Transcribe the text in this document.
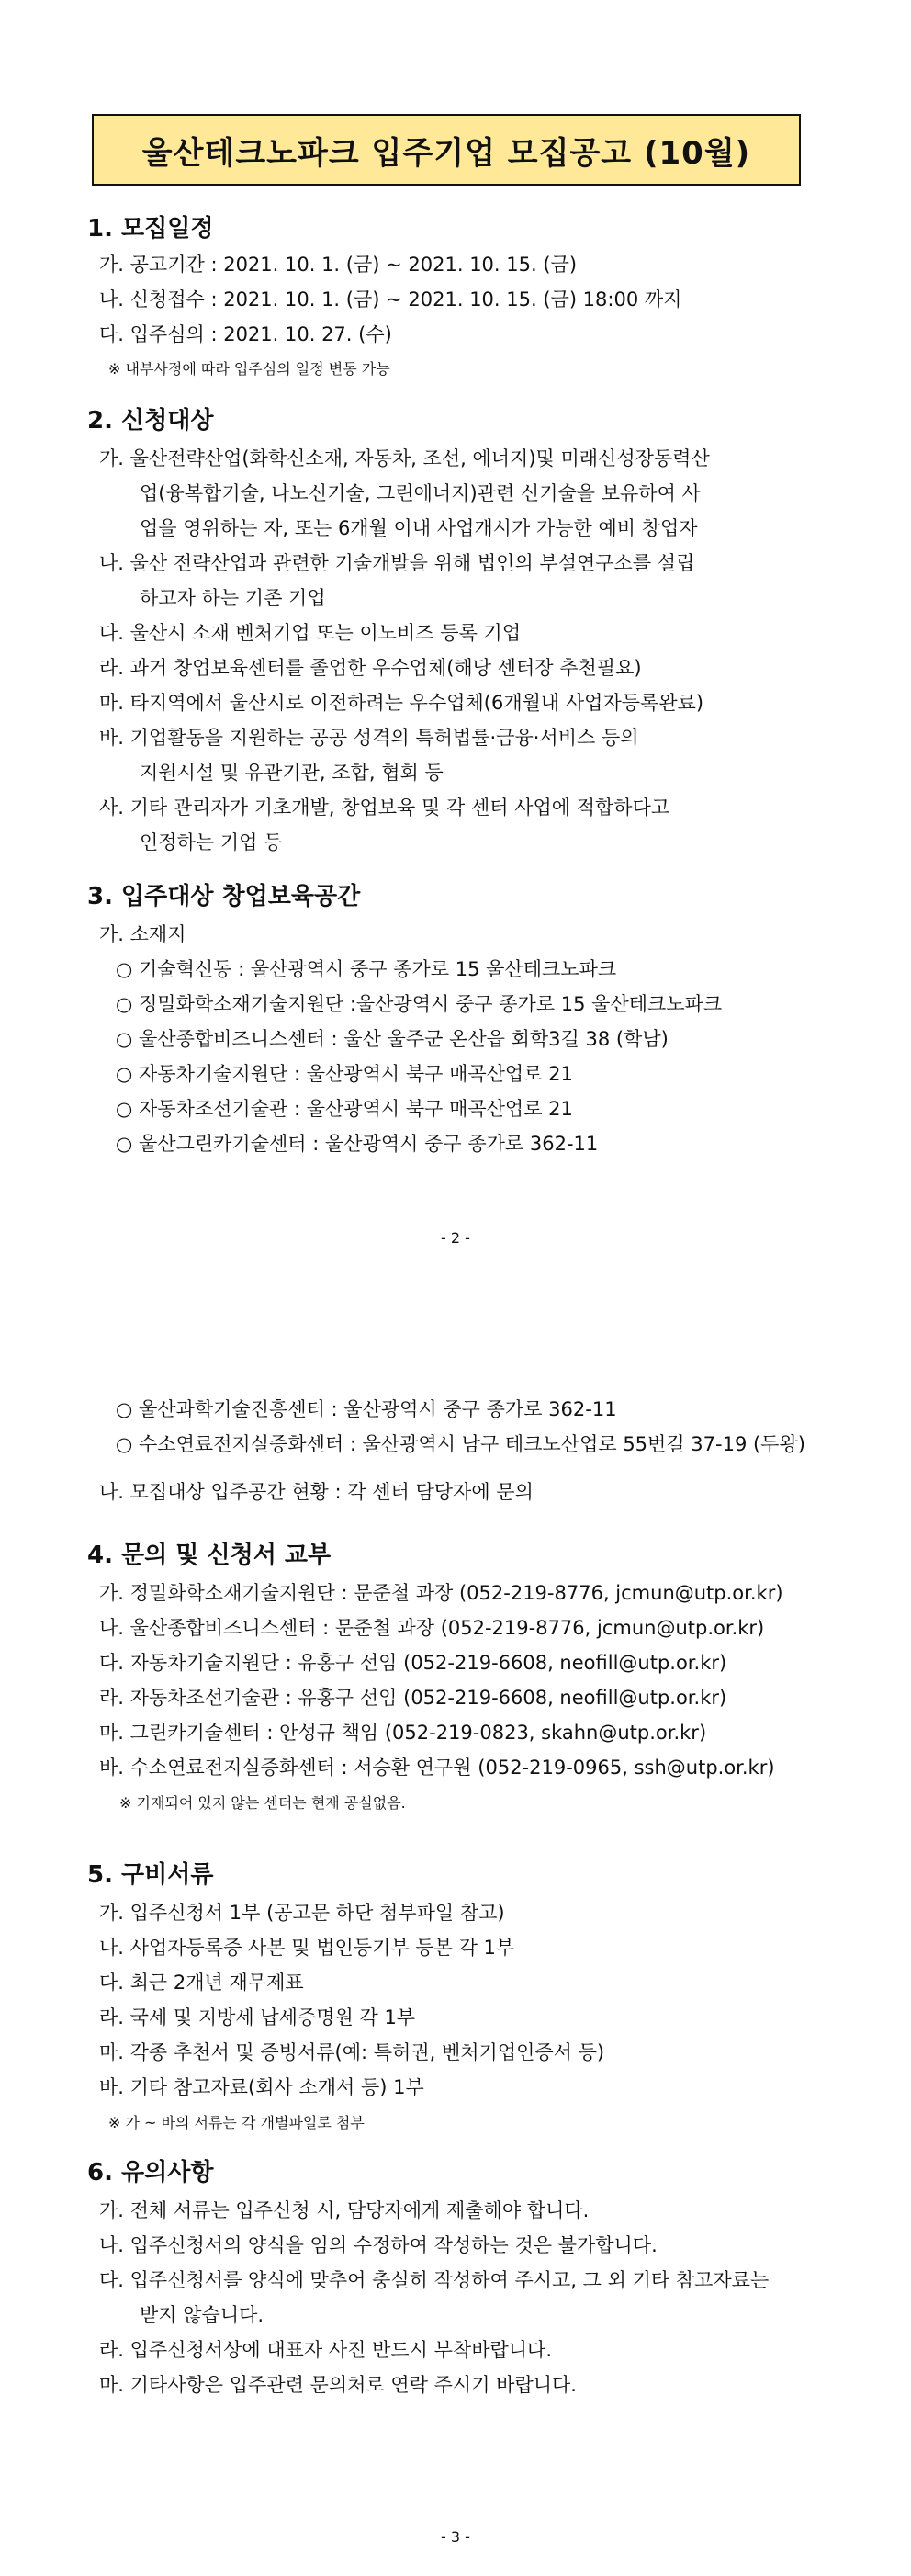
울산테크노파크 입주기업 모집공고 (10월)
1. 모집일정
가. 공고기간 : 2021. 10. 1. (금) ~ 2021. 10. 15. (금)
나. 신청접수 : 2021. 10. 1. (금) ~ 2021. 10. 15. (금) 18:00 까지
다. 입주심의 : 2021. 10. 27. (수)
※ 내부사정에 따라 입주심의 일정 변동 가능
2. 신청대상
가. 울산전략산업(화학신소재, 자동차, 조선, 에너지)및 미래신성장동력산
업(융복합기술, 나노신기술, 그린에너지)관련 신기술을 보유하여 사
업을 영위하는 자, 또는 6개월 이내 사업개시가 가능한 예비 창업자
나. 울산 전략산업과 관련한 기술개발을 위해 법인의 부설연구소를 설립
하고자 하는 기존 기업
다. 울산시 소재 벤처기업 또는 이노비즈 등록 기업
라. 과거 창업보육센터를 졸업한 우수업체(해당 센터장 추천필요)
마. 타지역에서 울산시로 이전하려는 우수업체(6개월내 사업자등록완료)
바. 기업활동을 지원하는 공공 성격의 특허법률·금융·서비스 등의
지원시설 및 유관기관, 조합, 협회 등
사. 기타 관리자가 기초개발, 창업보육 및 각 센터 사업에 적합하다고
인정하는 기업 등
3. 입주대상 창업보육공간
가. 소재지
○ 기술혁신동 : 울산광역시 중구 종가로 15 울산테크노파크
○ 정밀화학소재기술지원단 :울산광역시 중구 종가로 15 울산테크노파크
○ 울산종합비즈니스센터 : 울산 울주군 온산읍 회학3길 38 (학남)
○ 자동차기술지원단 : 울산광역시 북구 매곡산업로 21
○ 자동차조선기술관 : 울산광역시 북구 매곡산업로 21
○ 울산그린카기술센터 : 울산광역시 중구 종가로 362-11
- 2 -
○ 울산과학기술진흥센터 : 울산광역시 중구 종가로 362-11
○ 수소연료전지실증화센터 : 울산광역시 남구 테크노산업로 55번길 37-19 (두왕)
나. 모집대상 입주공간 현황 : 각 센터 담당자에 문의
4. 문의 및 신청서 교부
가. 정밀화학소재기술지원단 : 문준철 과장 (052-219-8776, jcmun@utp.or.kr)
나. 울산종합비즈니스센터 : 문준철 과장 (052-219-8776, jcmun@utp.or.kr)
다. 자동차기술지원단 : 유홍구 선임 (052-219-6608, neofill@utp.or.kr)
라. 자동차조선기술관 : 유홍구 선임 (052-219-6608, neofill@utp.or.kr)
마. 그린카기술센터 : 안성규 책임 (052-219-0823, skahn@utp.or.kr)
바. 수소연료전지실증화센터 : 서승환 연구원 (052-219-0965, ssh@utp.or.kr)
※ 기재되어 있지 않는 센터는 현재 공실없음.
5. 구비서류
가. 입주신청서 1부 (공고문 하단 첨부파일 참고)
나. 사업자등록증 사본 및 법인등기부 등본 각 1부
다. 최근 2개년 재무제표
라. 국세 및 지방세 납세증명원 각 1부
마. 각종 추천서 및 증빙서류(예: 특허권, 벤처기업인증서 등)
바. 기타 참고자료(회사 소개서 등) 1부
※ 가 ~ 바의 서류는 각 개별파일로 첨부
6. 유의사항
가. 전체 서류는 입주신청 시, 담당자에게 제출해야 합니다.
나. 입주신청서의 양식을 임의 수정하여 작성하는 것은 불가합니다.
다. 입주신청서를 양식에 맞추어 충실히 작성하여 주시고, 그 외 기타 참고자료는
받지 않습니다.
라. 입주신청서상에 대표자 사진 반드시 부착바랍니다.
마. 기타사항은 입주관련 문의처로 연락 주시기 바랍니다.
- 3 -
